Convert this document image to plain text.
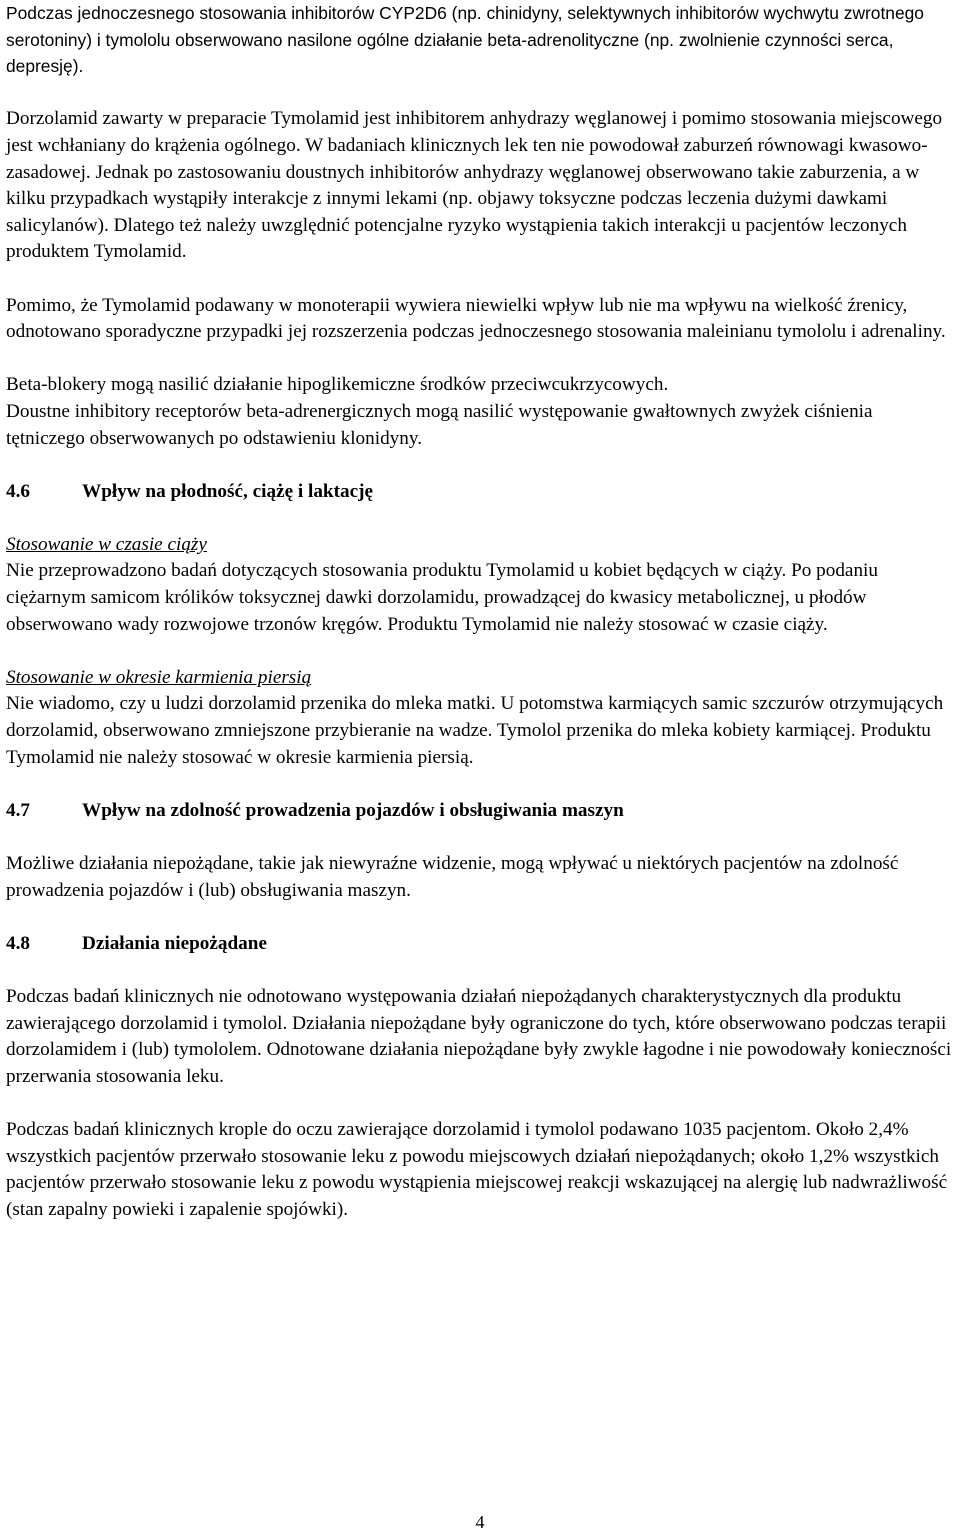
Podczas jednoczesnego stosowania inhibitorów CYP2D6 (np. chinidyny, selektywnych inhibitorów wychwytu zwrotnego serotoniny) i tymololu obserwowano nasilone ogólne działanie beta-adrenolityczne (np. zwolnienie czynności serca, depresję).

Dorzolamid zawarty w preparacie Tymolamid jest inhibitorem anhydrazy węglanowej i pomimo stosowania miejscowego jest wchłaniany do krążenia ogólnego. W badaniach klinicznych lek ten nie powodował zaburzeń równowagi kwasowo-zasadowej. Jednak po zastosowaniu doustnych inhibitorów anhydrazy węglanowej obserwowano takie zaburzenia, a w kilku przypadkach wystąpiły interakcje z innymi lekami (np. objawy toksyczne podczas leczenia dużymi dawkami salicylanów). Dlatego też należy uwzględnić potencjalne ryzyko wystąpienia takich interakcji u pacjentów leczonych produktem Tymolamid.

Pomimo, że Tymolamid podawany w monoterapii wywiera niewielki wpływ lub nie ma wpływu na wielkość źrenicy, odnotowano sporadyczne przypadki jej rozszerzenia podczas jednoczesnego stosowania maleinianu tymololu i adrenaliny.

Beta-blokery mogą nasilić działanie hipoglikemiczne środków przeciwcukrzycowych.
Doustne inhibitory receptorów beta-adrenergicznych mogą nasilić występowanie gwałtownych zwyżek ciśnienia tętniczego obserwowanych po odstawieniu klonidyny.

4.6	Wpływ na płodność, ciążę i laktację

Stosowanie w czasie ciąży

Nie przeprowadzono badań dotyczących stosowania produktu Tymolamid u kobiet będących w ciąży. Po podaniu ciężarnym samicom królików toksycznej dawki dorzolamidu, prowadzącej do kwasicy metabolicznej, u płodów obserwowano wady rozwojowe trzonów kręgów. Produktu Tymolamid nie należy stosować w czasie ciąży.

Stosowanie w okresie karmienia piersią

Nie wiadomo, czy u ludzi dorzolamid przenika do mleka matki. U potomstwa karmiących samic szczurów otrzymujących dorzolamid, obserwowano zmniejszone przybieranie na wadze. Tymolol przenika do mleka kobiety karmiącej. Produktu Tymolamid nie należy stosować w okresie karmienia piersią.

4.7	Wpływ na zdolność prowadzenia pojazdów i obsługiwania maszyn

Możliwe działania niepożądane, takie jak niewyraźne widzenie, mogą wpływać u niektórych pacjentów na zdolność prowadzenia pojazdów i (lub) obsługiwania maszyn.

4.8	Działania niepożądane

Podczas badań klinicznych nie odnotowano występowania działań niepożądanych charakterystycznych dla produktu zawierającego dorzolamid i tymolol. Działania niepożądane były ograniczone do tych, które obserwowano podczas terapii dorzolamidem i (lub) tymololem. Odnotowane działania niepożądane były zwykle łagodne i nie powodowały konieczności przerwania stosowania leku.

Podczas badań klinicznych krople do oczu zawierające dorzolamid i tymolol podawano 1035 pacjentom. Około 2,4% wszystkich pacjentów przerwało stosowanie leku z powodu miejscowych działań niepożądanych; około 1,2% wszystkich pacjentów przerwało stosowanie leku z powodu wystąpienia miejscowej reakcji wskazującej na alergię lub nadwrażliwość (stan zapalny powieki i zapalenie spojówki).

4
